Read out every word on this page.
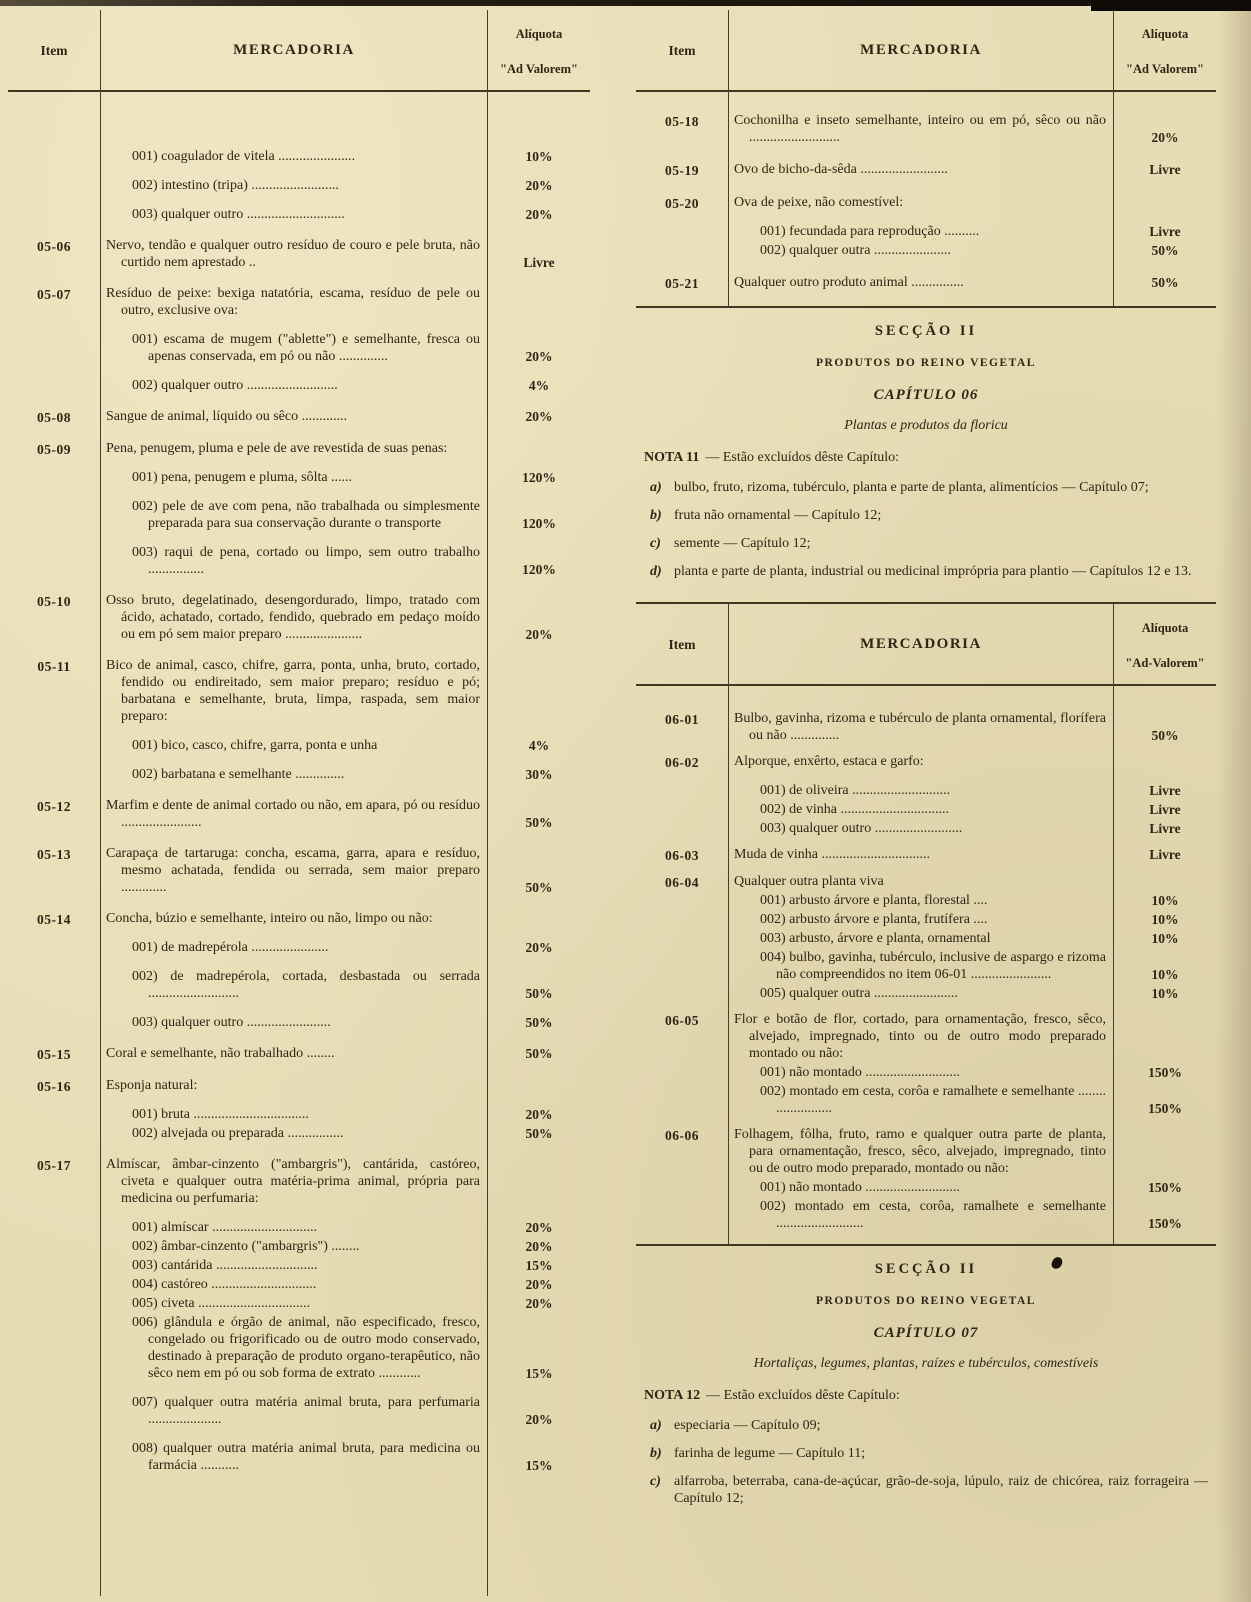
Item	MERCADORIA
Alíquota
"Ad Valorem"
001) coagulador de vitela ......................	10%
002) intestino (tripa) .........................	20%
003) qualquer outro ............................	20%
05-06	Nervo, tendão e qualquer outro resíduo de couro e pele bruta, não curtido nem aprestado ..	Livre
05-07	Resíduo de peixe: bexiga natatória, escama, resíduo de pele ou outro, exclusive ova:
001) escama de mugem ("ablette") e semelhante, fresca ou apenas conservada, em pó ou não ..............	20%
002) qualquer outro ..........................	4%
05-08	Sangue de animal, líquido ou sêco .............	20%
05-09	Pena, penugem, pluma e pele de ave revestida de suas penas:
001) pena, penugem e pluma, sôlta ......	120%
002) pele de ave com pena, não trabalhada ou simplesmente preparada para sua conservação durante o transporte	120%
003) raqui de pena, cortado ou limpo, sem outro trabalho ................	120%
05-10	Osso bruto, degelatinado, desengordurado, limpo, tratado com ácido, achatado, cortado, fendido, quebrado em pedaço moído ou em pó sem maior preparo ......................	20%
05-11	Bico de animal, casco, chifre, garra, ponta, unha, bruto, cortado, fendido ou endireitado, sem maior preparo; resíduo e pó; barbatana e semelhante, bruta, limpa, raspada, sem maior preparo:
001) bico, casco, chifre, garra, ponta e unha	4%
002) barbatana e semelhante ..............	30%
05-12	Marfim e dente de animal cortado ou não, em apara, pó ou resíduo .......................	50%
05-13	Carapaça de tartaruga: concha, escama, garra, apara e resíduo, mesmo achatada, fendida ou serrada, sem maior preparo .............	50%
05-14	Concha, búzio e semelhante, inteiro ou não, limpo ou não:
001) de madrepérola ......................	20%
002) de madrepérola, cortada, desbastada ou serrada ..........................	50%
003) qualquer outro ........................	50%
05-15	Coral e semelhante, não trabalhado ........	50%
05-16	Esponja natural:
001) bruta .................................	20%
002) alvejada ou preparada ................	50%
05-17	Almíscar, âmbar-cinzento ("ambargris"), cantárida, castóreo, civeta e qualquer outra matéria-prima animal, própria para medicina ou perfumaria:
001) almíscar ..............................	20%
002) âmbar-cinzento ("ambargris") ........	20%
003) cantárida .............................	15%
004) castóreo ..............................	20%
005) civeta ................................	20%
006) glândula e órgão de animal, não especificado, fresco, congelado ou frigorificado ou de outro modo conservado, destinado à preparação de produto organo-terapêutico, não sêco nem em pó ou sob forma de extrato ............	15%
007) qualquer outra matéria animal bruta, para perfumaria .....................	20%
008) qualquer outra matéria animal bruta, para medicina ou farmácia ...........	15%
Item	MERCADORIA
Alíquota
"Ad Valorem"
05-18	Cochonilha e inseto semelhante, inteiro ou em pó, sêco ou não ..........................	20%
05-19	Ovo de bicho-da-sêda .........................	Livre
05-20	Ova de peixe, não comestível:
001) fecundada para reprodução ..........	Livre
002) qualquer outra ......................	50%
05-21	Qualquer outro produto animal ...............	50%
SECÇÃO II
PRODUTOS DO REINO VEGETAL
CAPÍTULO 06
Plantas e produtos da floricu
NOTA 11 — Estão excluídos dêste Capítulo:
a) bulbo, fruto, rizoma, tubérculo, planta e parte de planta, alimentícios — Capítulo 07;
b) fruta não ornamental — Capítulo 12;
c) semente — Capítulo 12;
d) planta e parte de planta, industrial ou medicinal imprópria para plantio — Capítulos 12 e 13.
Item	MERCADORIA
Alíquota
"Ad-Valorem"
06-01	Bulbo, gavinha, rizoma e tubérculo de planta ornamental, florífera ou não ..............	50%
06-02	Alporque, enxêrto, estaca e garfo:
001) de oliveira ............................	Livre
002) de vinha ...............................	Livre
003) qualquer outro .........................	Livre
06-03	Muda de vinha ...............................	Livre
06-04	Qualquer outra planta viva
001) arbusto árvore e planta, florestal ....	10%
002) arbusto árvore e planta, frutífera ....	10%
003) arbusto, árvore e planta, ornamental	10%
004) bulbo, gavinha, tubérculo, inclusive de aspargo e rizoma não compreendidos no item 06-01 .......................	10%
005) qualquer outra ........................	10%
06-05	Flor e botão de flor, cortado, para ornamentação, fresco, sêco, alvejado, impregnado, tinto ou de outro modo preparado montado ou não:
001) não montado ...........................	150%
002) montado em cesta, corôa e ramalhete e semelhante ........ ................	150%
06-06	Folhagem, fôlha, fruto, ramo e qualquer outra parte de planta, para ornamentação, fresco, sêco, alvejado, impregnado, tinto ou de outro modo preparado, montado ou não:
001) não montado ...........................	150%
002) montado em cesta, corôa, ramalhete e semelhante .........................	150%
SECÇÃO II
PRODUTOS DO REINO VEGETAL
CAPÍTULO 07
Hortaliças, legumes, plantas, raízes e tubérculos, comestíveis
NOTA 12 — Estão excluídos dêste Capítulo:
a) especiaria — Capítulo 09;
b) farinha de legume — Capítulo 11;
c) alfarroba, beterraba, cana-de-açúcar, grão-de-soja, lúpulo, raiz de chicórea, raiz forrageira — Capítulo 12;
